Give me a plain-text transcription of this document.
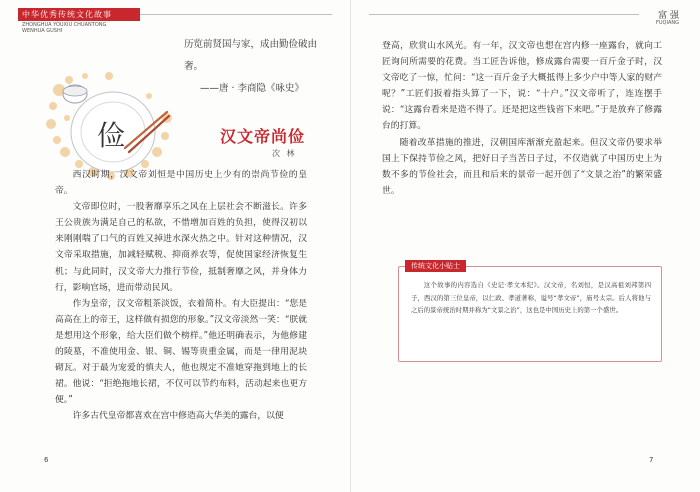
中华优秀传统文化故事
ZHONGHUA YOUXIU CHUANTONG
WENHUA GUSHI
俭
历览前贤国与家，成由勤俭破由奢。
——唐 · 李商隐《咏史》
汉文帝尚俭
次 林

西汉时期，汉文帝刘恒是中国历史上少有的崇尚节俭的皇帝。

文帝即位时，一股奢靡享乐之风在上层社会不断滋长。许多王公贵族为满足自己的私欲，不惜增加百姓的负担，使得汉初以来刚刚喘了口气的百姓又掉进水深火热之中。针对这种情况，汉文帝采取措施，加减轻赋税、抑商养农等，促使国家经济恢复生机；与此同时，汉文帝大力推行节俭，抵制奢靡之风，并身体力行，影响官场，进而带动民风。

作为皇帝，汉文帝粗茶淡饭，衣着简朴。有大臣提出：“您是高高在上的帝王，这样做有损您的形象。”汉文帝淡然一笑：“朕就是想用这个形象，给大臣们做个榜样。”他还明确表示，为他修建的陵墓，不准使用金、银、铜、锡等贵重金属，而是一律用泥块砌瓦。对于最为宠爱的慎夫人，他也规定不准她穿拖到地上的长裙。他说：“拒绝拖地长裙，不仅可以节约布料，活动起来也更方便。”

许多古代皇帝都喜欢在宫中修造高大华美的露台，以便

6
富 强
FUQIANG
7

登高，欣赏山水风光。有一年，汉文帝也想在宫内修一座露台，就向工匠询问所需要的花费。当工匠告诉他，修成露台需要一百斤金子时，汉文帝吃了一惊，忙问：“这一百斤金子大概抵得上多少户中等人家的财产呢？”工匠们扳着指头算了一下，说：“十户。”汉文帝听了，连连摆手说：“这露台看来是造不得了。还是把这些钱省下来吧。”于是放弃了修露台的打算。

随着改革措施的推进，汉朝国库渐渐充盈起来。但汉文帝仍要求举国上下保持节俭之风，把好日子当苦日子过，不仅造就了中国历史上为数不多的节俭社会，而且和后来的景帝一起开创了“文景之治”的繁荣盛世。

传统文化小贴士
这个故事的内容选自《史记·孝文本纪》。汉文帝，名刘恒，是汉高祖刘邦第四子，西汉的第三位皇帝，以仁政、孝道著称，谥号“孝文帝”，庙号太宗。后人将他与之后的景帝统治时期并称为“文景之治”，这也是中国历史上的第一个盛世。
